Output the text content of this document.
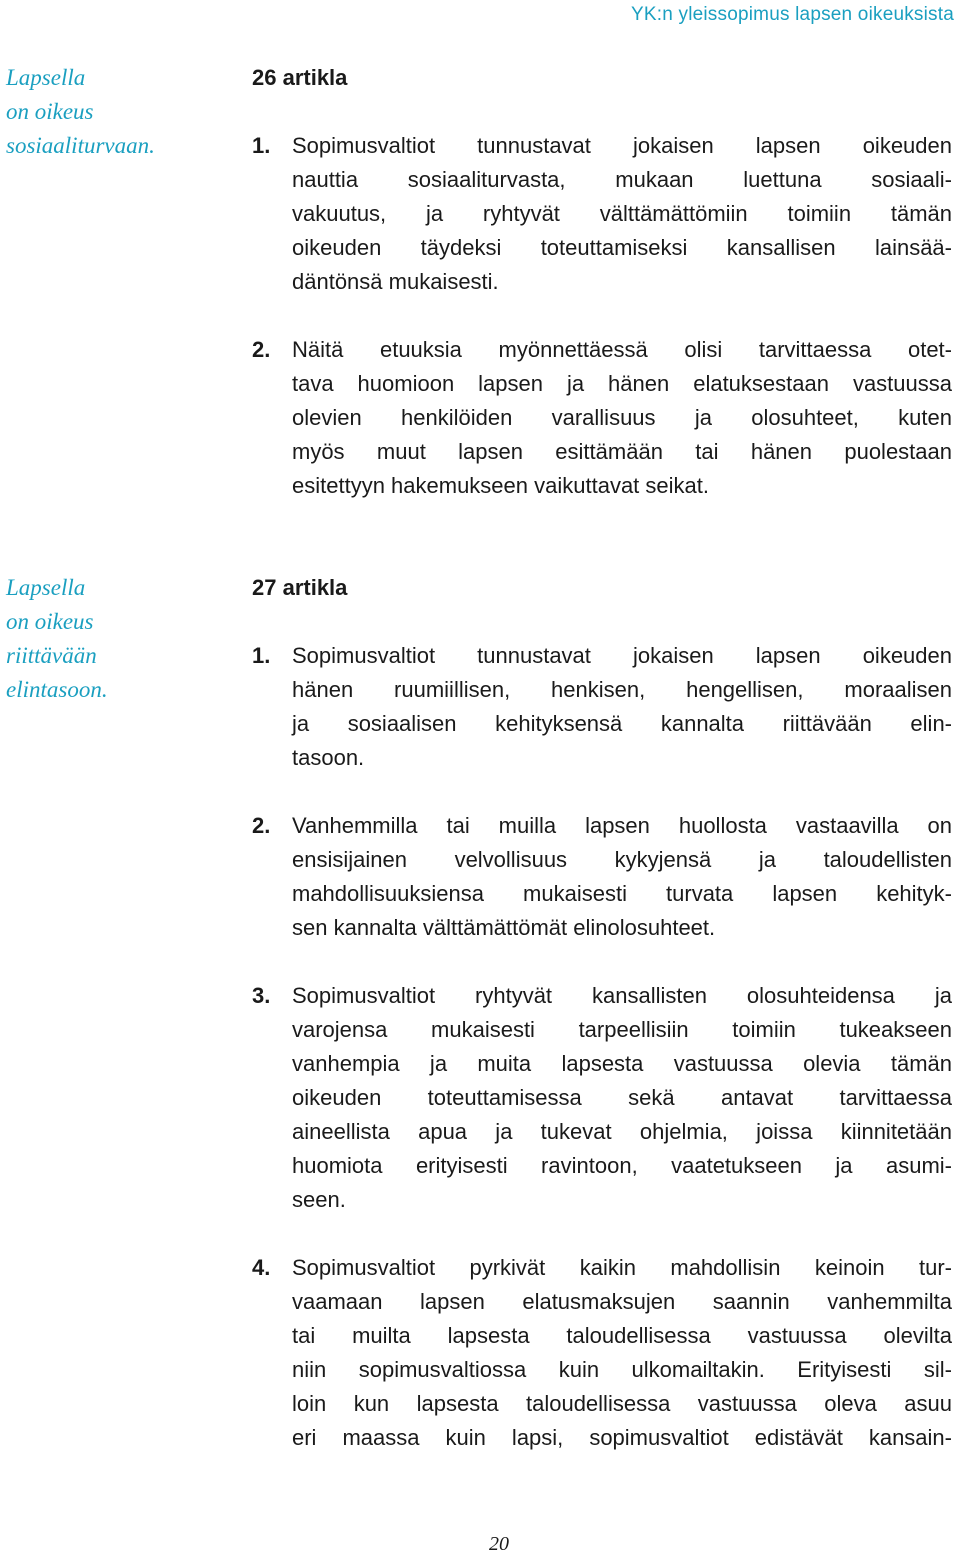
YK:n yleissopimus lapsen oikeuksista
Lapsella
on oikeus
sosiaaliturvaan.
26 artikla
1. Sopimusvaltiot tunnustavat jokaisen lapsen oikeuden
nauttia sosiaaliturvasta, mukaan luettuna sosiaali-
vakuutus, ja ryhtyvät välttämättömiin toimiin tämän
oikeuden täydeksi toteuttamiseksi kansallisen lainsää-
däntönsä mukaisesti.
2. Näitä etuuksia myönnettäessä olisi tarvittaessa otet-
tava huomioon lapsen ja hänen elatuksestaan vastuussa
olevien henkilöiden varallisuus ja olosuhteet, kuten
myös muut lapsen esittämään tai hänen puolestaan
esitettyyn hakemukseen vaikuttavat seikat.
Lapsella
on oikeus
riittävään
elintasoon.
27 artikla
1. Sopimusvaltiot tunnustavat jokaisen lapsen oikeuden
hänen ruumiillisen, henkisen, hengellisen, moraalisen
ja sosiaalisen kehityksensä kannalta riittävään elin-
tasoon.
2. Vanhemmilla tai muilla lapsen huollosta vastaavilla on
ensisijainen velvollisuus kykyjensä ja taloudellisten
mahdollisuuksiensa mukaisesti turvata lapsen kehityk-
sen kannalta välttämättömät elinolosuhteet.
3. Sopimusvaltiot ryhtyvät kansallisten olosuhteidensa ja
varojensa mukaisesti tarpeellisiin toimiin tukeakseen
vanhempia ja muita lapsesta vastuussa olevia tämän
oikeuden toteuttamisessa sekä antavat tarvittaessa
aineellista apua ja tukevat ohjelmia, joissa kiinnitetään
huomiota erityisesti ravintoon, vaatetukseen ja asumi-
seen.
4. Sopimusvaltiot pyrkivät kaikin mahdollisin keinoin tur-
vaamaan lapsen elatusmaksujen saannin vanhemmilta
tai muilta lapsesta taloudellisessa vastuussa olevilta
niin sopimusvaltiossa kuin ulkomailtakin. Erityisesti sil-
loin kun lapsesta taloudellisessa vastuussa oleva asuu
eri maassa kuin lapsi, sopimusvaltiot edistävät kansain-
20
